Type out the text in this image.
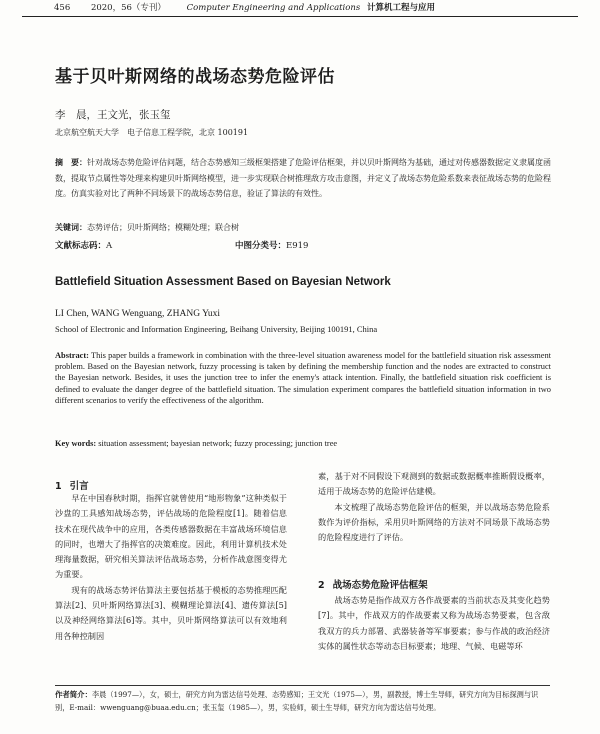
456 2020，56（专刊） Computer Engineering and Applications 计算机工程与应用
基于贝叶斯网络的战场态势危险评估
李　晨，王文光，张玉玺
北京航空航天大学　电子信息工程学院，北京 100191
摘　要：针对战场态势危险评估问题，结合态势感知三级框架搭建了危险评估框架，并以贝叶斯网络为基础，通过对传感器数据定义隶属度函数，提取节点属性等处理来构建贝叶斯网络模型，进一步实现联合树推理敌方攻击意图，并定义了战场态势危险系数来表征战场态势的危险程度。仿真实验对比了两种不同场景下的战场态势信息，验证了算法的有效性。
关键词：态势评估；贝叶斯网络；模糊处理；联合树
文献标志码：A	中图分类号：E919
Battlefield Situation Assessment Based on Bayesian Network
LI Chen, WANG Wenguang, ZHANG Yuxi
School of Electronic and Information Engineering, Beihang University, Beijing 100191, China
Abstract: This paper builds a framework in combination with the three-level situation awareness model for the battlefield situation risk assessment problem. Based on the Bayesian network, fuzzy processing is taken by defining the membership function and the nodes are extracted to construct the Bayesian network. Besides, it uses the junction tree to infer the enemy's attack intention. Finally, the battlefield situation risk coefficient is defined to evaluate the danger degree of the battlefield situation. The simulation experiment compares the battlefield situation information in two different scenarios to verify the effectiveness of the algorithm.
Key words: situation assessment; bayesian network; fuzzy processing; junction tree
1 引言

早在中国春秋时期，指挥官就曾使用“地形物象”这种类似于沙盘的工具感知战场态势，评估战场的危险程度[1]。随着信息技术在现代战争中的应用，各类传感器数据在丰富战场环境信息的同时，也增大了指挥官的决策难度。因此，利用计算机技术处理海量数据，研究相关算法评估战场态势，分析作战意图变得尤为重要。

现有的战场态势评估算法主要包括基于模板的态势推理匹配算法[2]、贝叶斯网络算法[3]、模糊理论算法[4]、遗传算法[5]以及神经网络算法[6]等。其中，贝叶斯网络算法可以有效地利用各种控制因

素，基于对不同假设下观测到的数据或数据概率推断假设概率，适用于战场态势的危险评估建模。

本文梳理了战场态势危险评估的框架，并以战场态势危险系数作为评价指标，采用贝叶斯网络的方法对不同场景下战场态势的危险程度进行了评估。

2 战场态势危险评估框架

战场态势是指作战双方各作战要素的当前状态及其变化趋势[7]。其中，作战双方的作战要素又称为战场态势要素，包含敌我双方的兵力部署、武器装备等军事要素；参与作战的政治经济实体的属性状态等动态目标要素；地理、气候、电磁等环

作者简介：李晨（1997—），女，硕士，研究方向为雷达信号处理、态势感知；王文光（1975—），男，副教授，博士生导师，研究方向为目标探测与识别，E-mail：wwenguang@buaa.edu.cn；张玉玺（1985—），男，实验师，硕士生导师，研究方向为雷达信号处理。
